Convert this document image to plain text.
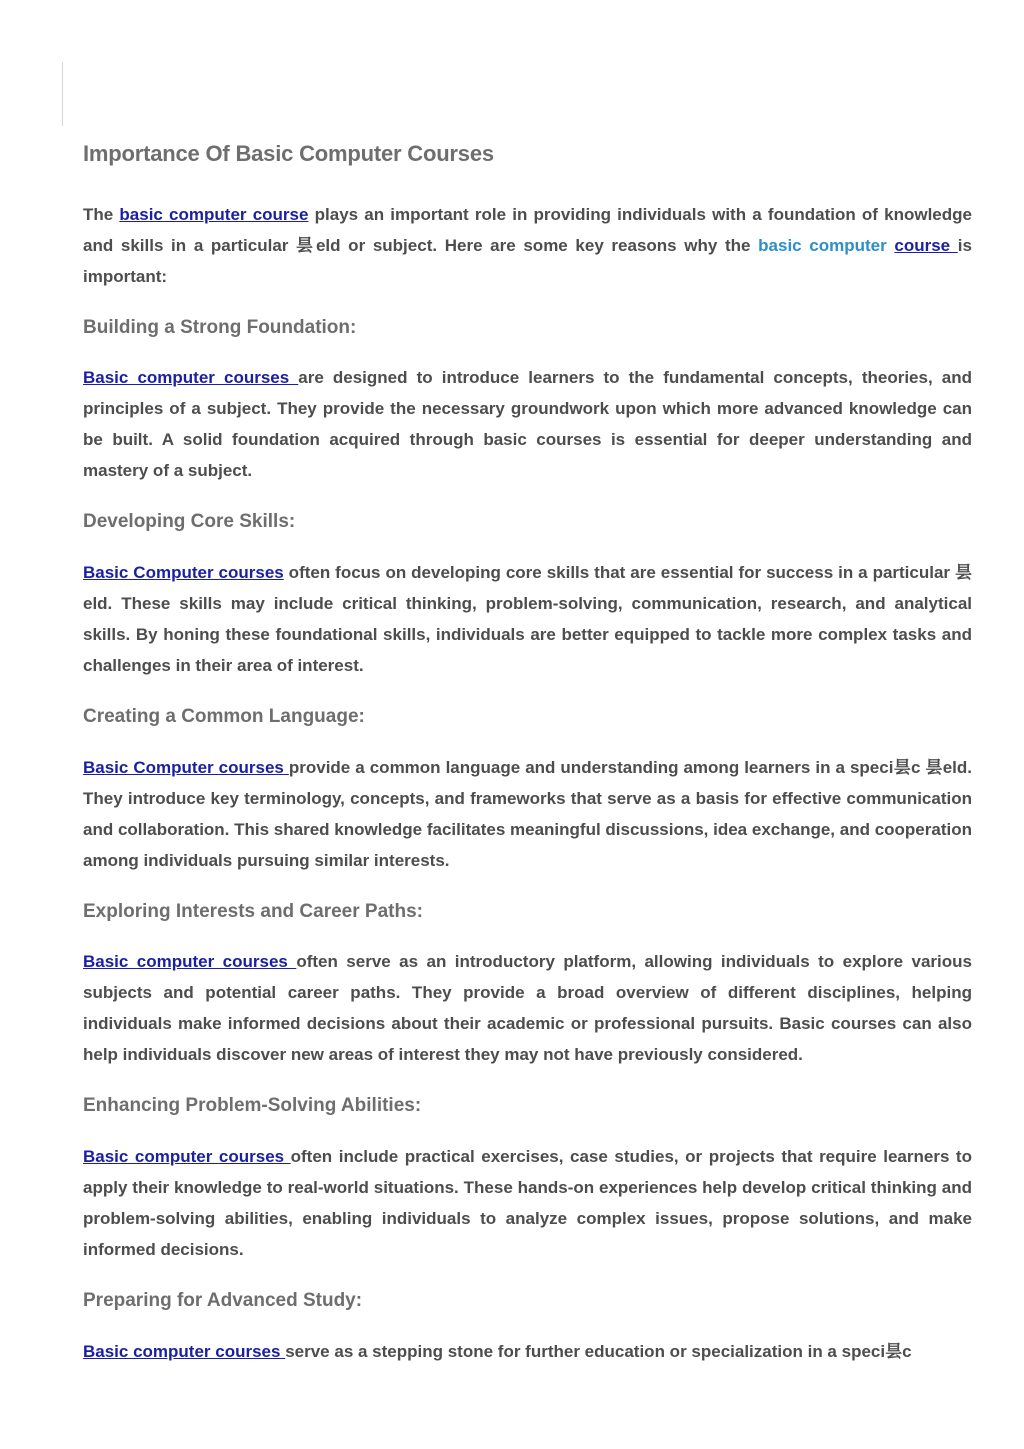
Importance Of Basic Computer Courses

The basic computer course plays an important role in providing individuals with a foundation of knowledge and skills in a particular 昙eld or subject. Here are some key reasons why the basic computer course is important:

Building a Strong Foundation:

Basic computer courses are designed to introduce learners to the fundamental concepts, theories, and principles of a subject. They provide the necessary groundwork upon which more advanced knowledge can be built. A solid foundation acquired through basic courses is essential for deeper understanding and mastery of a subject.

Developing Core Skills:

Basic Computer courses often focus on developing core skills that are essential for success in a particular 昙eld. These skills may include critical thinking, problem-solving, communication, research, and analytical skills. By honing these foundational skills, individuals are better equipped to tackle more complex tasks and challenges in their area of interest.

Creating a Common Language:

Basic Computer courses provide a common language and understanding among learners in a speci昙c 昙eld. They introduce key terminology, concepts, and frameworks that serve as a basis for effective communication and collaboration. This shared knowledge facilitates meaningful discussions, idea exchange, and cooperation among individuals pursuing similar interests.

Exploring Interests and Career Paths:

Basic computer courses often serve as an introductory platform, allowing individuals to explore various subjects and potential career paths. They provide a broad overview of different disciplines, helping individuals make informed decisions about their academic or professional pursuits. Basic courses can also help individuals discover new areas of interest they may not have previously considered.

Enhancing Problem-Solving Abilities:

Basic computer courses often include practical exercises, case studies, or projects that require learners to apply their knowledge to real-world situations. These hands-on experiences help develop critical thinking and problem-solving abilities, enabling individuals to analyze complex issues, propose solutions, and make informed decisions.

Preparing for Advanced Study:

Basic computer courses serve as a stepping stone for further education or specialization in a speci昙c
